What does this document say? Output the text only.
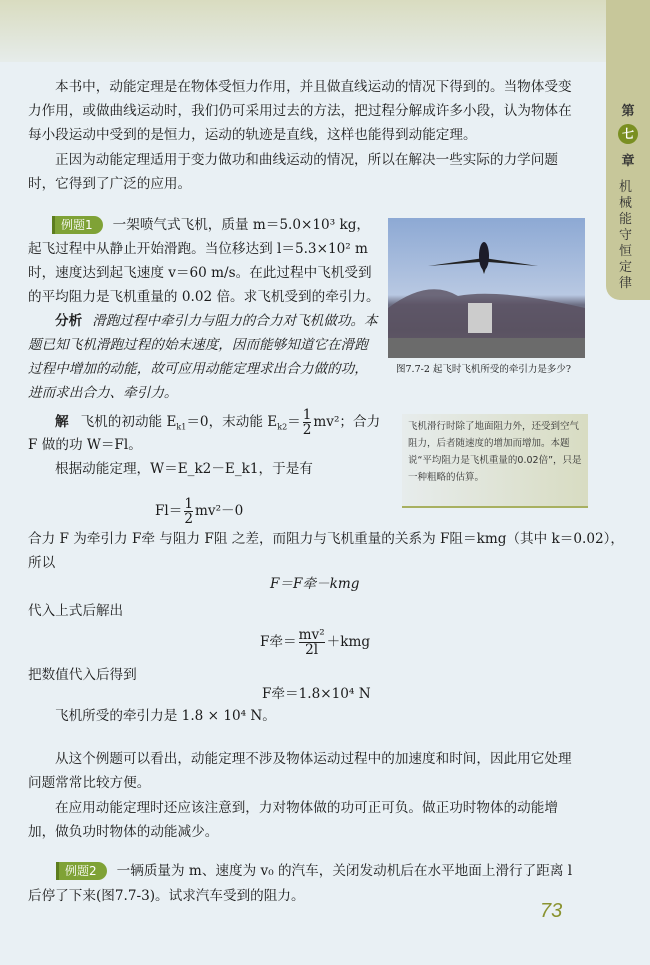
第
七
章
机械能守恒定律
本书中，动能定理是在物体受恒力作用，并且做直线运动的情况下得到的。当物体受变
力作用，或做曲线运动时，我们仍可采用过去的方法，把过程分解成许多小段，认为物体在
每小段运动中受到的是恒力，运动的轨迹是直线，这样也能得到动能定理。
正因为动能定理适用于变力做功和曲线运动的情况，所以在解决一些实际的力学问题
时，它得到了广泛的应用。
例题1 一架喷气式飞机，质量 m＝5.0×10³ kg，
起飞过程中从静止开始滑跑。当位移达到 l＝5.3×10² m
时，速度达到起飞速度 v＝60 m/s。在此过程中飞机受到
的平均阻力是飞机重量的 0.02 倍。求飞机受到的牵引力。
分析 滑跑过程中牵引力与阻力的合力对飞机做功。本
题已知飞机滑跑过程的始末速度，因而能够知道它在滑跑
过程中增加的动能，故可应用动能定理求出合力做的功，
进而求出合力、牵引力。
图7.7-2 起飞时飞机所受的牵引力是多少?
飞机滑行时除了地面阻力外，还受到空气阻力，后者随速度的增加而增加。本题说“平均阻力是飞机重量的0.02倍”，只是一种粗略的估算。
解 飞机的初动能 $E_{k1}=0$，末动能 $E_{k2}= \frac{1}{2} mv^2$；合力
F 做的功 W＝Fl。
根据动能定理，W＝E_k2－E_k1，于是有
$Fl= \frac{1}{2} mv^2-0$
合力 F 为牵引力 F牵 与阻力 F阻 之差，而阻力与飞机重量的关系为 F阻＝kmg（其中 k＝0.02），
所以
F＝F牵－kmg
代入上式后解出
F牵＝ $\frac{\text{mv²}}{2l} +kmg$
把数值代入后得到
F牵＝1.8×10⁴ N
飞机所受的牵引力是 1.8 × 10⁴ N。
从这个例题可以看出，动能定理不涉及物体运动过程中的加速度和时间，因此用它处理
问题常常比较方便。
在应用动能定理时还应该注意到，力对物体做的功可正可负。做正功时物体的动能增
加，做负功时物体的动能减少。
例题2 一辆质量为 m、速度为 v₀ 的汽车，关闭发动机后在水平地面上滑行了距离 l
后停了下来(图7.7-3)。试求汽车受到的阻力。
73
